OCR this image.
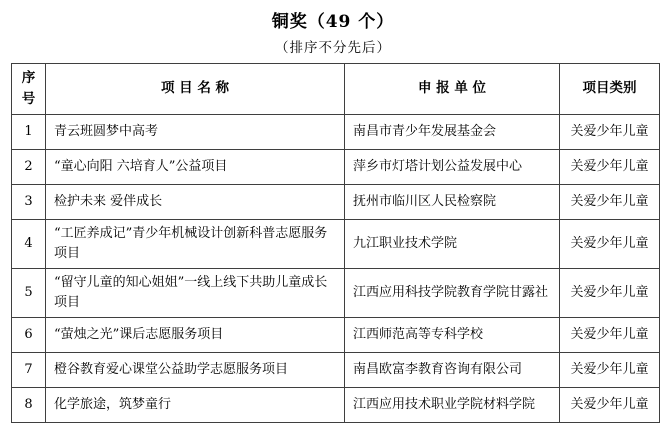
铜奖（49 个）
（排序不分先后）
序号	项 目 名 称	申 报 单 位	项目类别
1	青云班圆梦中高考	南昌市青少年发展基金会	关爱少年儿童
2	“童心向阳 六培育人”公益项目	萍乡市灯塔计划公益发展中心	关爱少年儿童
3	检护未来 爱伴成长	抚州市临川区人民检察院	关爱少年儿童
4	“工匠养成记”青少年机械设计创新科普志愿服务项目	九江职业技术学院	关爱少年儿童
5	“留守儿童的知心姐姐”一线上线下共助儿童成长项目	江西应用科技学院教育学院甘露社	关爱少年儿童
6	“萤烛之光”课后志愿服务项目	江西师范高等专科学校	关爱少年儿童
7	橙谷教育爱心课堂公益助学志愿服务项目	南昌欧富李教育咨询有限公司	关爱少年儿童
8	化学旅途，筑梦童行	江西应用技术职业学院材料学院	关爱少年儿童
